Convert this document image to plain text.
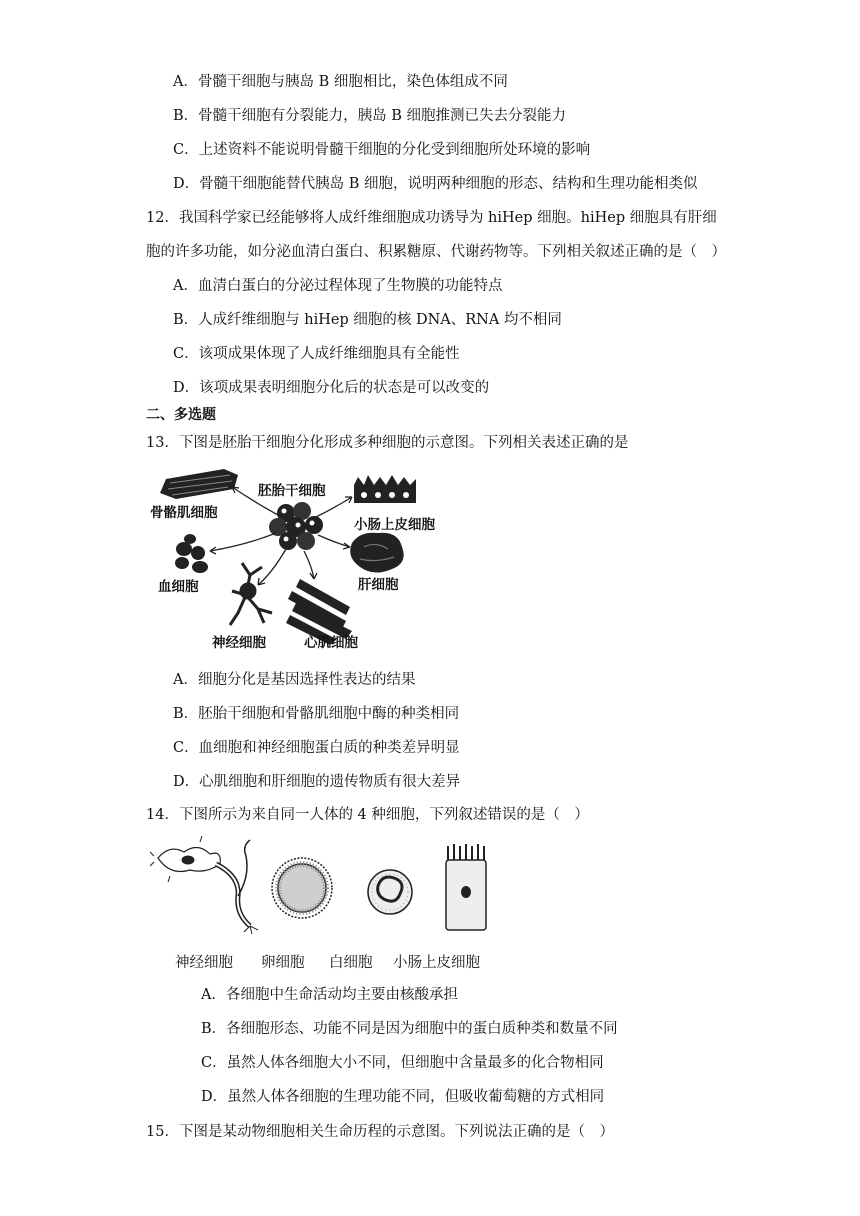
A．骨髓干细胞与胰岛 B 细胞相比，染色体组成不同
B．骨髓干细胞有分裂能力，胰岛 B 细胞推测已失去分裂能力
C．上述资料不能说明骨髓干细胞的分化受到细胞所处环境的影响
D．骨髓干细胞能替代胰岛 B 细胞，说明两种细胞的形态、结构和生理功能相类似
12．我国科学家已经能够将人成纤维细胞成功诱导为 hiHep 细胞。hiHep 细胞具有肝细
胞的许多功能，如分泌血清白蛋白、积累糖原、代谢药物等。下列相关叙述正确的是（　）
A．血清白蛋白的分泌过程体现了生物膜的功能特点
B．人成纤维细胞与 hiHep 细胞的核 DNA、RNA 均不相同
C．该项成果体现了人成纤维细胞具有全能性
D．该项成果表明细胞分化后的状态是可以改变的
二、多选题
13．下图是胚胎干细胞分化形成多种细胞的示意图。下列相关表述正确的是
胚胎干细胞
骨骼肌细胞
小肠上皮细胞
血细胞	肝细胞
神经细胞	心肌细胞
A．细胞分化是基因选择性表达的结果
B．胚胎干细胞和骨骼肌细胞中酶的种类相同
C．血细胞和神经细胞蛋白质的种类差异明显
D．心肌细胞和肝细胞的遗传物质有很大差异
14．下图所示为来自同一人体的 4 种细胞，下列叙述错误的是（　）
神经细胞 卵细胞 白细胞 小肠上皮细胞
A．各细胞中生命活动均主要由核酸承担
B．各细胞形态、功能不同是因为细胞中的蛋白质种类和数量不同
C．虽然人体各细胞大小不同，但细胞中含量最多的化合物相同
D．虽然人体各细胞的生理功能不同，但吸收葡萄糖的方式相同
15．下图是某动物细胞相关生命历程的示意图。下列说法正确的是（　）
